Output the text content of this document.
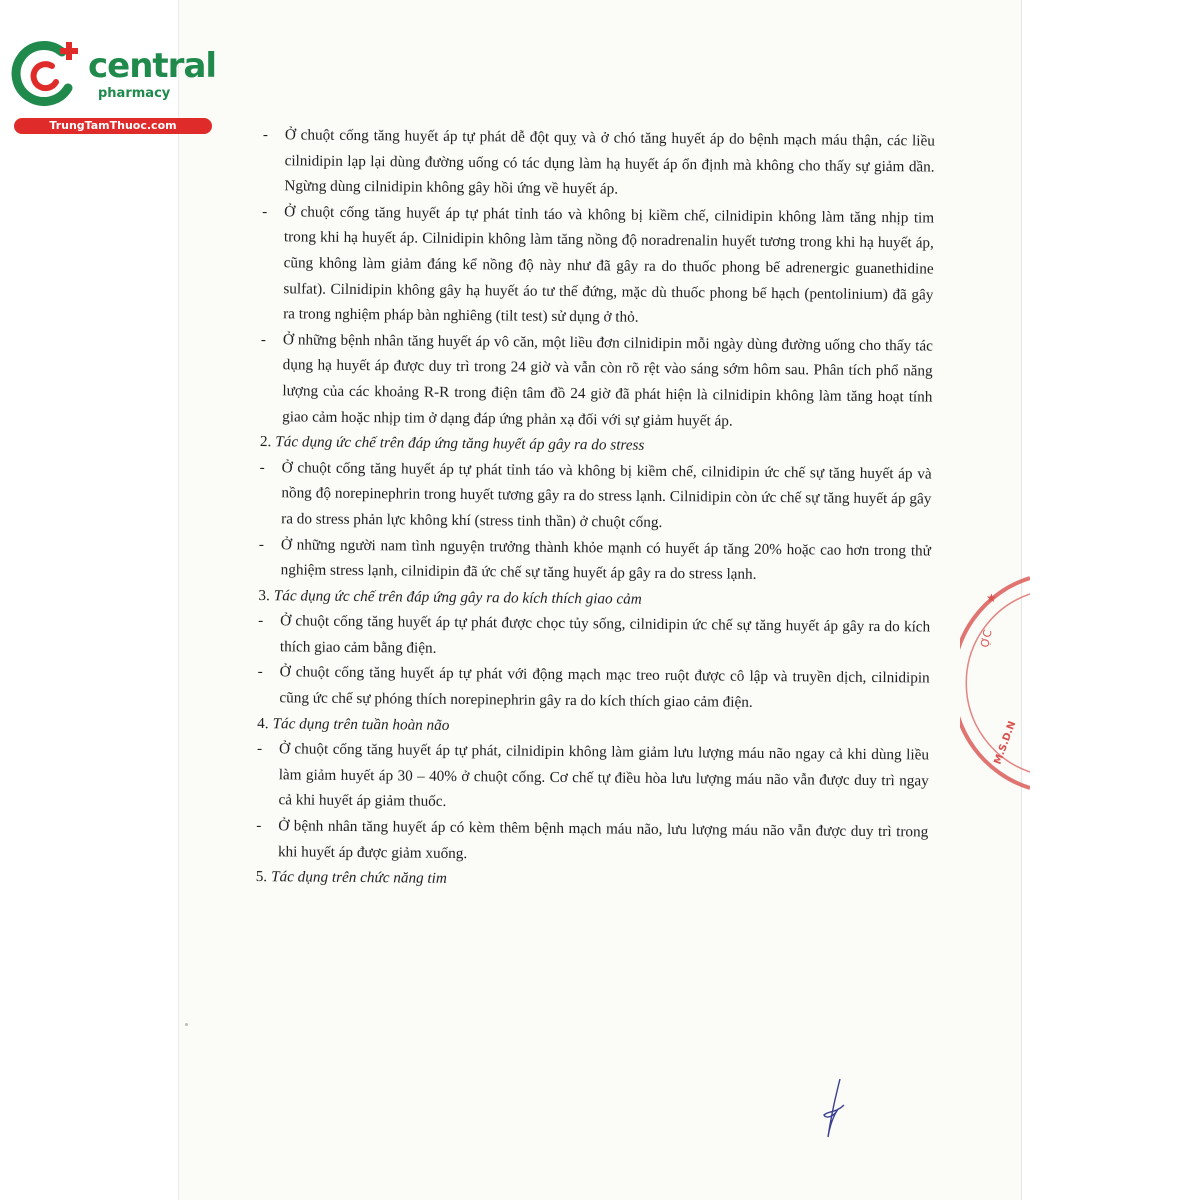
central
pharmacy
TrungTamThuoc.com
- Ở chuột cống tăng huyết áp tự phát dễ đột quỵ và ở chó tăng huyết áp do bệnh mạch máu thận, các liều cilnidipin lạp lại dùng đường uống có tác dụng làm hạ huyết áp ổn định mà không cho thấy sự giảm dần. Ngừng dùng cilnidipin không gây hồi ứng về huyết áp.
- Ở chuột cống tăng huyết áp tự phát tỉnh táo và không bị kiềm chế, cilnidipin không làm tăng nhịp tim trong khi hạ huyết áp. Cilnidipin không làm tăng nồng độ noradrenalin huyết tương trong khi hạ huyết áp, cũng không làm giảm đáng kể nồng độ này như đã gây ra do thuốc phong bế adrenergic guanethidine sulfat). Cilnidipin không gây hạ huyết áo tư thế đứng, mặc dù thuốc phong bế hạch (pentolinium) đã gây ra trong nghiệm pháp bàn nghiêng (tilt test) sử dụng ở thỏ.
- Ở những bệnh nhân tăng huyết áp vô căn, một liều đơn cilnidipin mỗi ngày dùng đường uống cho thấy tác dụng hạ huyết áp được duy trì trong 24 giờ và vẫn còn rõ rệt vào sáng sớm hôm sau. Phân tích phổ năng lượng của các khoảng R-R trong điện tâm đồ 24 giờ đã phát hiện là cilnidipin không làm tăng hoạt tính giao cảm hoặc nhịp tim ở dạng đáp ứng phản xạ đối với sự giảm huyết áp.
2. Tác dụng ức chế trên đáp ứng tăng huyết áp gây ra do stress
- Ở chuột cống tăng huyết áp tự phát tỉnh táo và không bị kiềm chế, cilnidipin ức chế sự tăng huyết áp và nồng độ norepinephrin trong huyết tương gây ra do stress lạnh. Cilnidipin còn ức chế sự tăng huyết áp gây ra do stress phản lực không khí (stress tinh thần) ở chuột cống.
- Ở những người nam tình nguyện trưởng thành khỏe mạnh có huyết áp tăng 20% hoặc cao hơn trong thử nghiệm stress lạnh, cilnidipin đã ức chế sự tăng huyết áp gây ra do stress lạnh.
3. Tác dụng ức chế trên đáp ứng gây ra do kích thích giao cảm
- Ở chuột cống tăng huyết áp tự phát được chọc tủy sống, cilnidipin ức chế sự tăng huyết áp gây ra do kích thích giao cảm bằng điện.
- Ở chuột cống tăng huyết áp tự phát với động mạch mạc treo ruột được cô lập và truyền dịch, cilnidipin cũng ức chế sự phóng thích norepinephrin gây ra do kích thích giao cảm điện.
4. Tác dụng trên tuần hoàn não
- Ở chuột cống tăng huyết áp tự phát, cilnidipin không làm giảm lưu lượng máu não ngay cả khi dùng liều làm giảm huyết áp 30 – 40% ở chuột cống. Cơ chế tự điều hòa lưu lượng máu não vẫn được duy trì ngay cả khi huyết áp giảm thuốc.
- Ở bệnh nhân tăng huyết áp có kèm thêm bệnh mạch máu não, lưu lượng máu não vẫn được duy trì trong khi huyết áp được giảm xuống.
5. Tác dụng trên chức năng tim
★
ỢC
M.S.D.N
